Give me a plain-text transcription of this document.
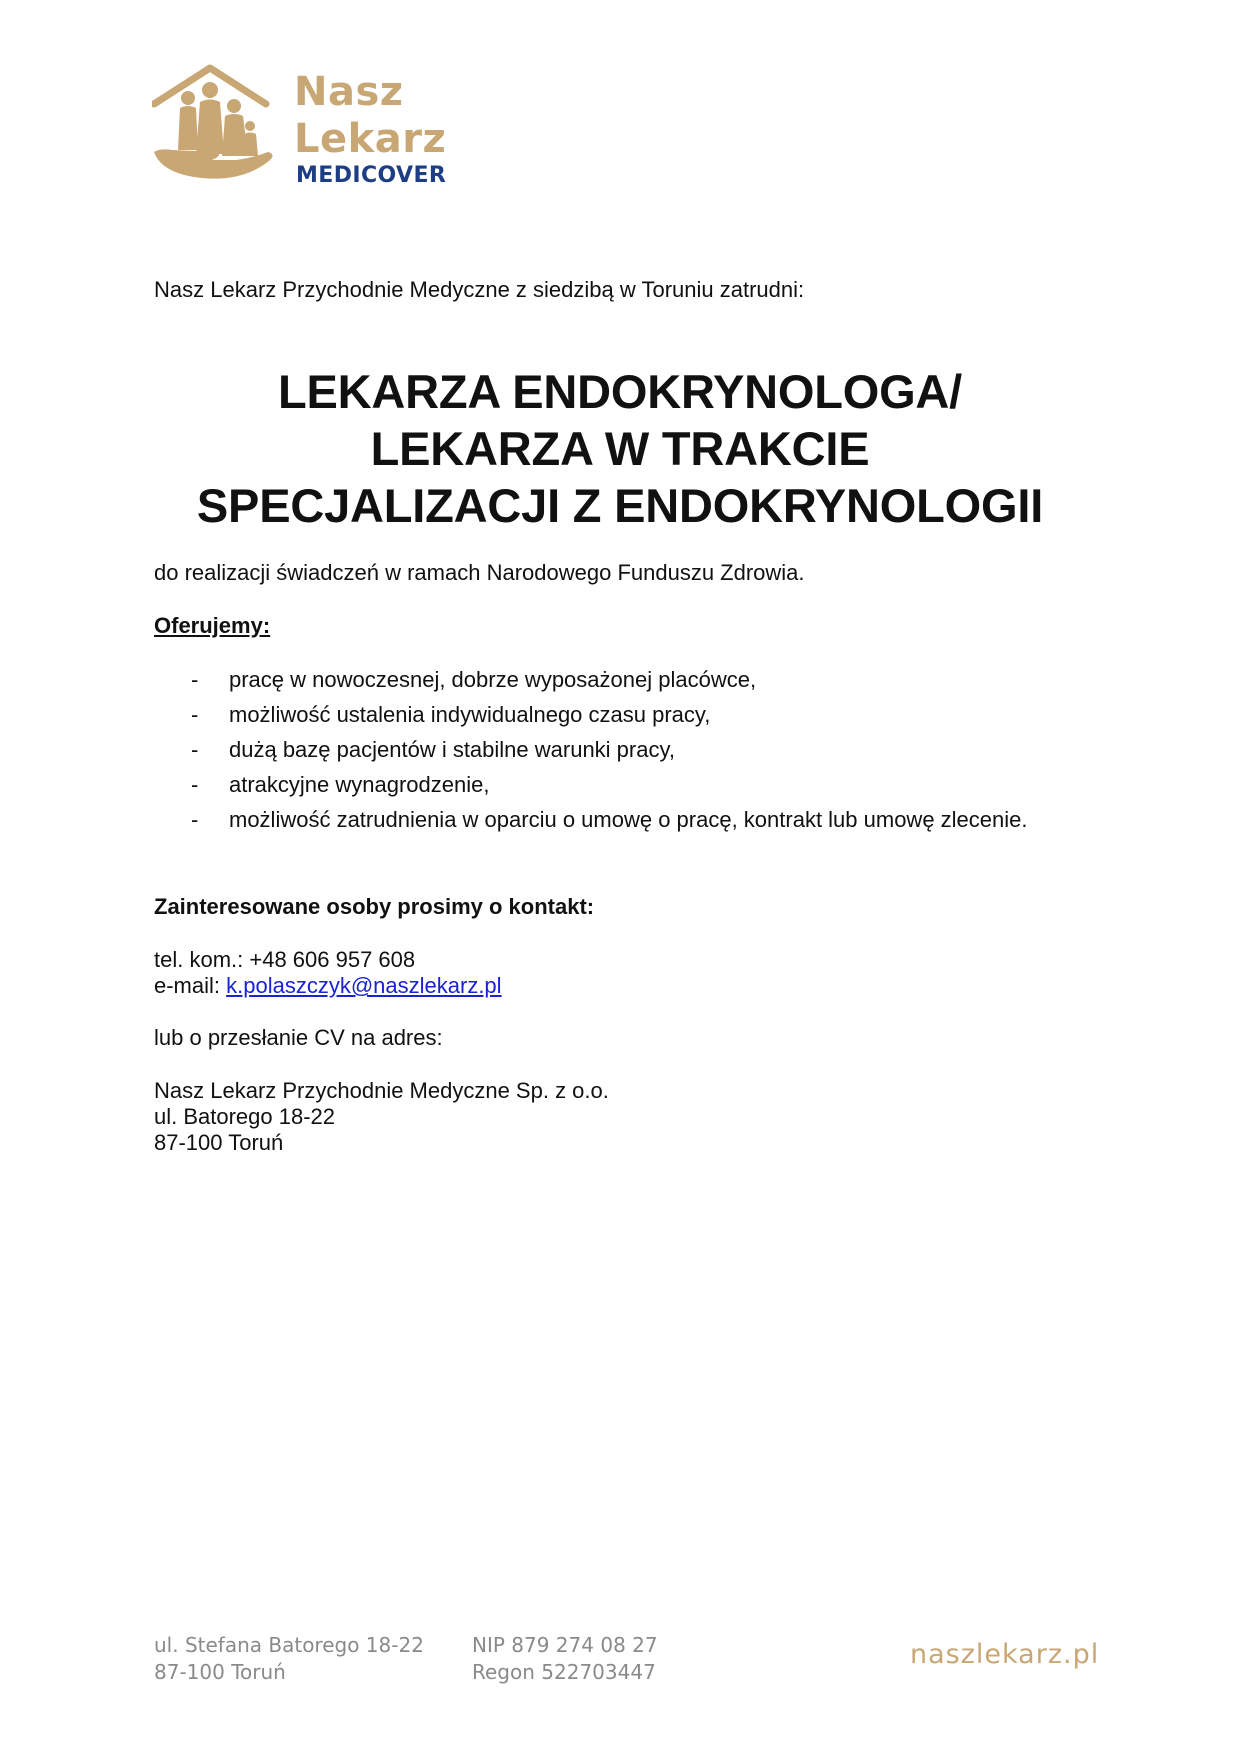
Nasz
Lekarz
MEDICOVER
Nasz Lekarz Przychodnie Medyczne z siedzibą w Toruniu zatrudni:
LEKARZA ENDOKRYNOLOGA/
LEKARZA W TRAKCIE
SPECJALIZACJI Z ENDOKRYNOLOGII
do realizacji świadczeń w ramach Narodowego Funduszu Zdrowia.
Oferujemy:
- pracę w nowoczesnej, dobrze wyposażonej placówce,
- możliwość ustalenia indywidualnego czasu pracy,
- dużą bazę pacjentów i stabilne warunki pracy,
- atrakcyjne wynagrodzenie,
- możliwość zatrudnienia w oparciu o umowę o pracę, kontrakt lub umowę zlecenie.
Zainteresowane osoby prosimy o kontakt:
tel. kom.: +48 606 957 608
e-mail: k.polaszczyk@naszlekarz.pl
lub o przesłanie CV na adres:
Nasz Lekarz Przychodnie Medyczne Sp. z o.o.
ul. Batorego 18-22
87-100 Toruń
ul. Stefana Batorego 18-22
87-100 Toruń
NIP 879 274 08 27
Regon 522703447
naszlekarz.pl
